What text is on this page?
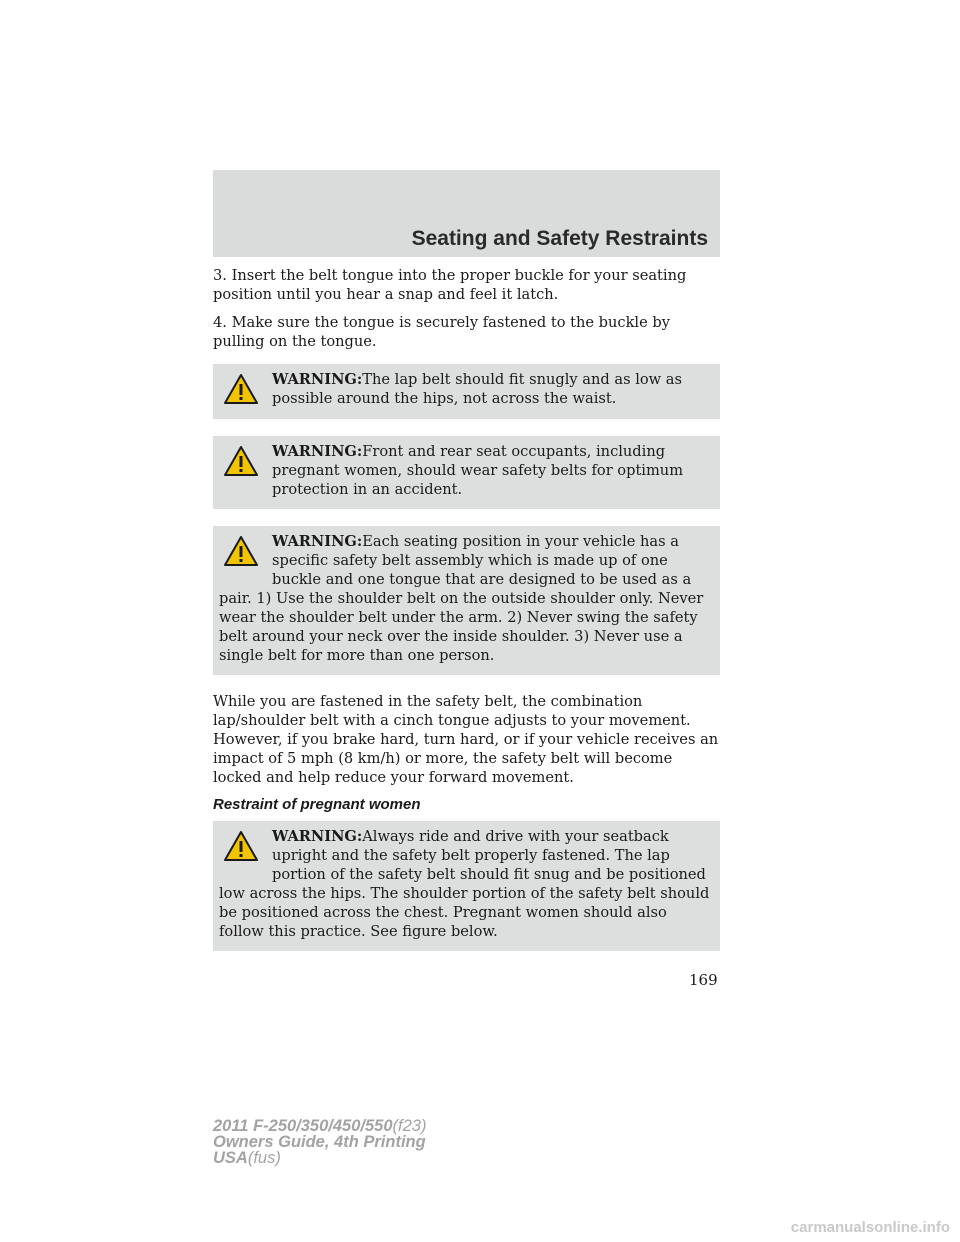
Seating and Safety Restraints

3. Insert the belt tongue into the proper buckle for your seating position until you hear a snap and feel it latch.

4. Make sure the tongue is securely fastened to the buckle by pulling on the tongue.

WARNING:The lap belt should fit snugly and as low as possible around the hips, not across the waist.
WARNING:Front and rear seat occupants, including pregnant women, should wear safety belts for optimum protection in an accident.
WARNING:Each seating position in your vehicle has a specific safety belt assembly which is made up of one buckle and one tongue that are designed to be used as a pair. 1) Use the shoulder belt on the outside shoulder only. Never wear the shoulder belt under the arm. 2) Never swing the safety belt around your neck over the inside shoulder. 3) Never use a single belt for more than one person.

While you are fastened in the safety belt, the combination lap/shoulder belt with a cinch tongue adjusts to your movement. However, if you brake hard, turn hard, or if your vehicle receives an impact of 5 mph (8 km/h) or more, the safety belt will become locked and help reduce your forward movement.

Restraint of pregnant women
WARNING:Always ride and drive with your seatback upright and the safety belt properly fastened. The lap portion of the safety belt should fit snug and be positioned low across the hips. The shoulder portion of the safety belt should be positioned across the chest. Pregnant women should also follow this practice. See figure below.
169
2011 F-250/350/450/550(f23)
Owners Guide, 4th Printing
USA(fus)
carmanualsonline.info
